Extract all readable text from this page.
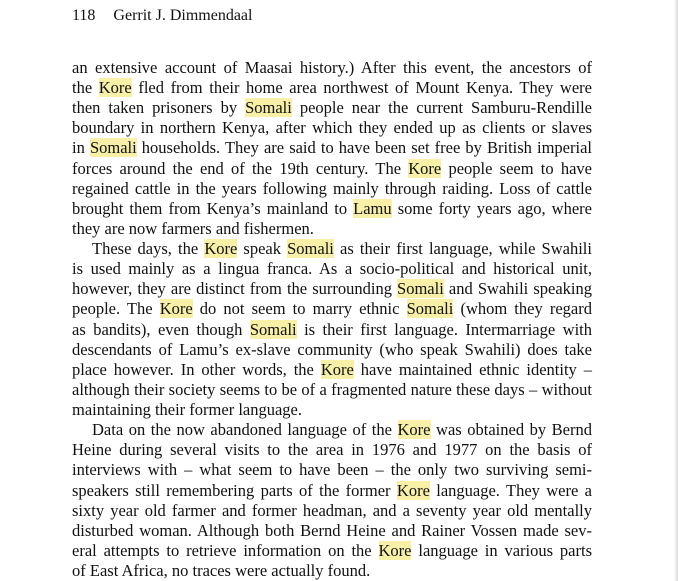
118 Gerrit J. Dimmendaal
an extensive account of Maasai history.) After this event, the ancestors of
the Kore fled from their home area northwest of Mount Kenya. They were
then taken prisoners by Somali people near the current Samburu-Rendille
boundary in northern Kenya, after which they ended up as clients or slaves
in Somali households. They are said to have been set free by British imperial
forces around the end of the 19th century. The Kore people seem to have
regained cattle in the years following mainly through raiding. Loss of cattle
brought them from Kenya’s mainland to Lamu some forty years ago, where
they are now farmers and fishermen.
These days, the Kore speak Somali as their first language, while Swahili
is used mainly as a lingua franca. As a socio-political and historical unit,
however, they are distinct from the surrounding Somali and Swahili speaking
people. The Kore do not seem to marry ethnic Somali (whom they regard
as bandits), even though Somali is their first language. Intermarriage with
descendants of Lamu’s ex-slave community (who speak Swahili) does take
place however. In other words, the Kore have maintained ethnic identity –
although their society seems to be of a fragmented nature these days – without
maintaining their former language.
Data on the now abandoned language of the Kore was obtained by Bernd
Heine during several visits to the area in 1976 and 1977 on the basis of
interviews with – what seem to have been – the only two surviving semi-
speakers still remembering parts of the former Kore language. They were a
sixty year old farmer and former headman, and a seventy year old mentally
disturbed woman. Although both Bernd Heine and Rainer Vossen made sev-
eral attempts to retrieve information on the Kore language in various parts
of East Africa, no traces were actually found.
